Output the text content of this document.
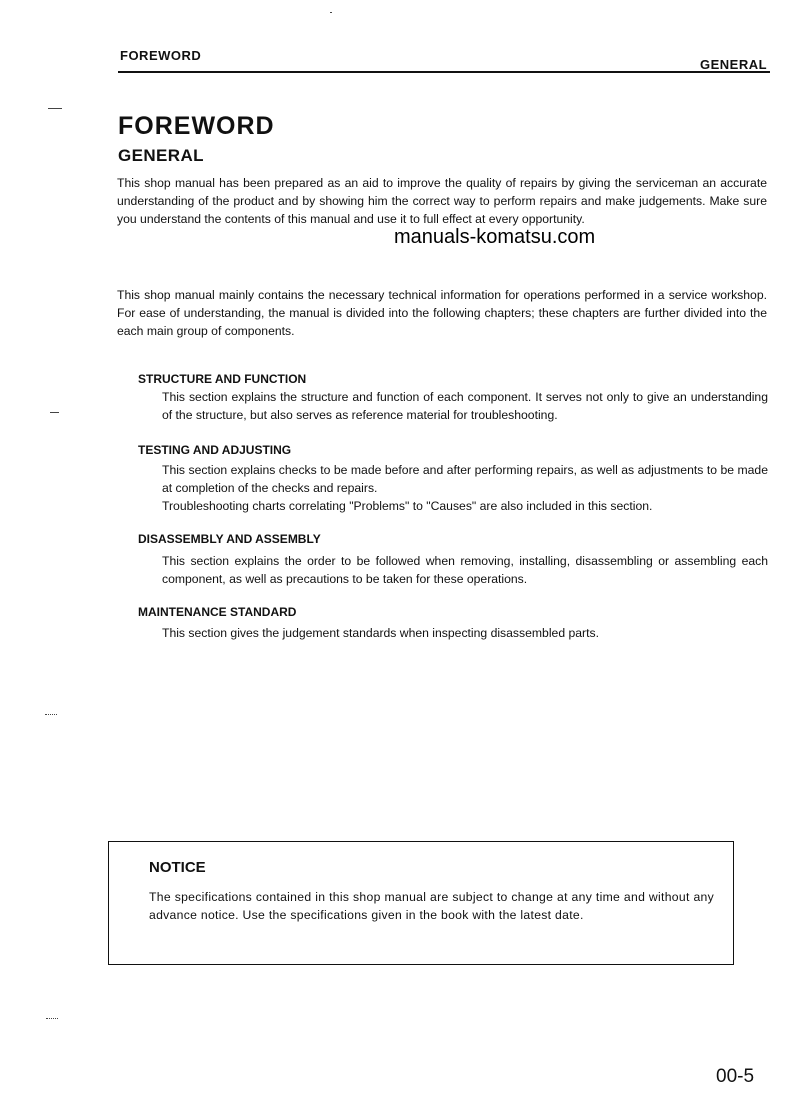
FOREWORD
GENERAL
FOREWORD
GENERAL

This shop manual has been prepared as an aid to improve the quality of repairs by giving the serviceman an accurate understanding of the product and by showing him the correct way to perform repairs and make judgements. Make sure you understand the contents of this manual and use it to full effect at every opportunity.

manuals-komatsu.com

This shop manual mainly contains the necessary technical information for operations performed in a service workshop. For ease of understanding, the manual is divided into the following chapters; these chapters are further divided into the each main group of components.

STRUCTURE AND FUNCTION

This section explains the structure and function of each component. It serves not only to give an understanding of the structure, but also serves as reference material for troubleshooting.

TESTING AND ADJUSTING
This section explains checks to be made before and after performing repairs, as well as adjustments to be made at completion of the checks and repairs.
Troubleshooting charts correlating "Problems" to "Causes" are also included in this section.
DISASSEMBLY AND ASSEMBLY

This section explains the order to be followed when removing, installing, disassembling or assembling each component, as well as precautions to be taken for these operations.

MAINTENANCE STANDARD

This section gives the judgement standards when inspecting disassembled parts.

NOTICE

The specifications contained in this shop manual are subject to change at any time and without any advance notice. Use the specifications given in the book with the latest date.

00-5
